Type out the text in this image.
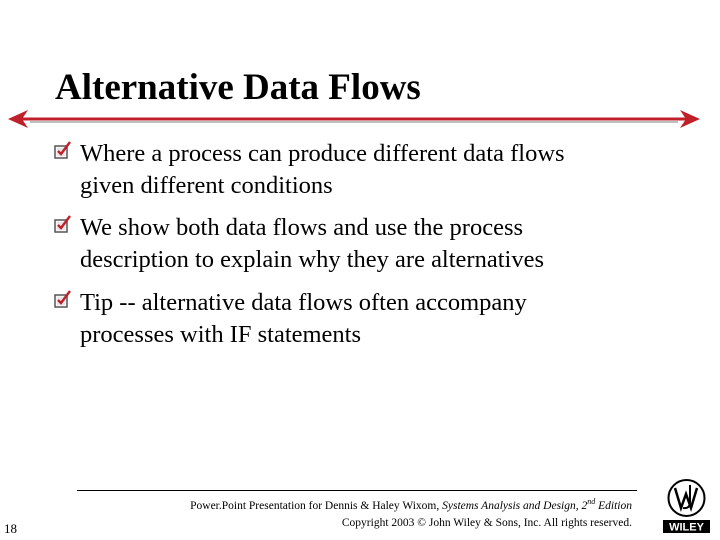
Alternative Data Flows
Where a process can produce different data flows
given different conditions
We show both data flows and use the process
description to explain why they are alternatives
Tip -- alternative data flows often accompany
processes with IF statements
Power.Point Presentation for Dennis & Haley Wixom, Systems Analysis and Design, 2nd Edition
Copyright 2003 © John Wiley & Sons, Inc. All rights reserved.
18	WILEY
